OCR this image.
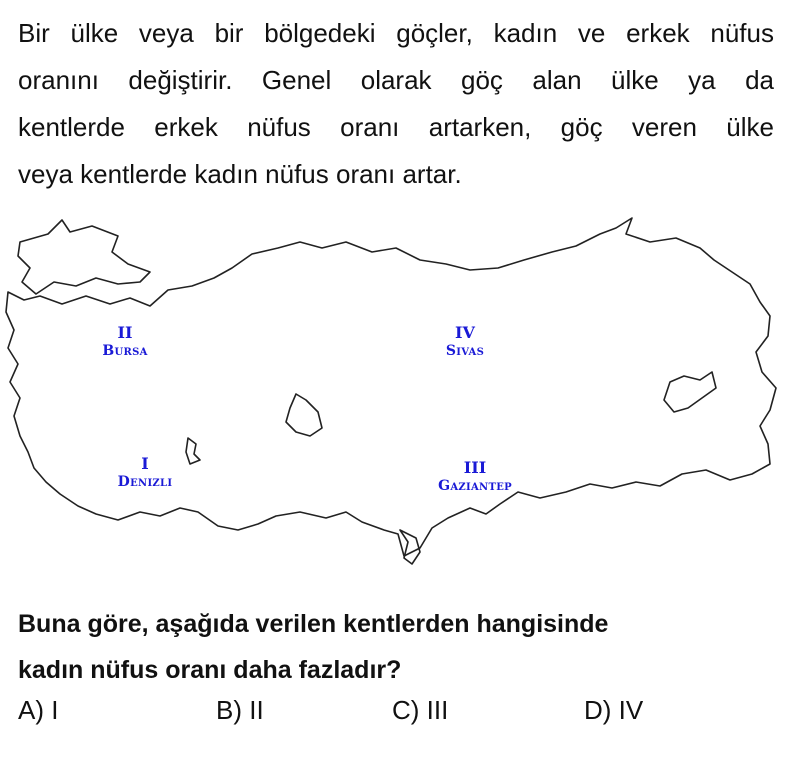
Bir ülke veya bir bölgedeki göçler, kadın ve erkek nüfus
oranını değiştirir. Genel olarak göç alan ülke ya da
kentlerde erkek nüfus oranı artarken, göç veren ülke
veya kentlerde kadın nüfus oranı artar.

II
Bursa
IV
Sivas
I
Denizli
III
Gaziantep
Buna göre, aşağıda verilen kentlerden hangisinde
kadın nüfus oranı daha fazladır?
A) I	B) II	C) III	D) IV
